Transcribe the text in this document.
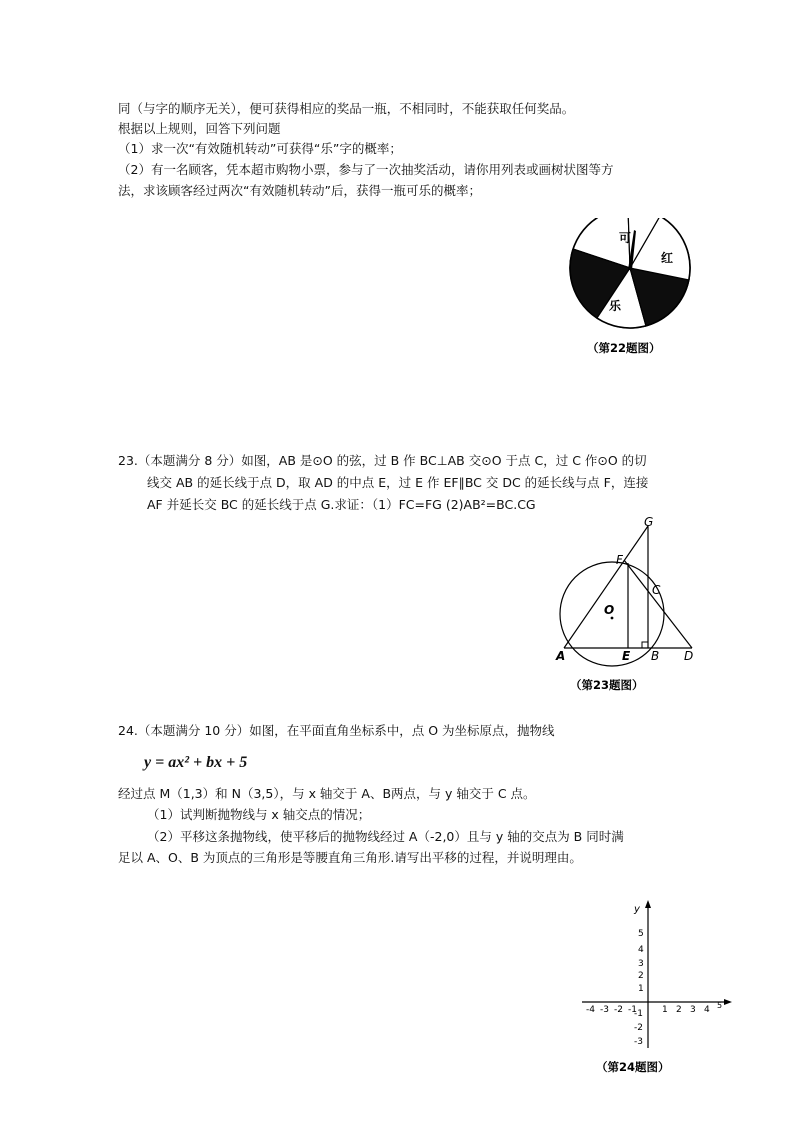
同（与字的顺序无关），便可获得相应的奖品一瓶，不相同时，不能获取任何奖品。
根据以上规则，回答下列问题
（1）求一次“有效随机转动”可获得“乐”字的概率；
（2）有一名顾客，凭本超市购物小票，参与了一次抽奖活动，请你用列表或画树状图等方
法，求该顾客经过两次“有效随机转动”后，获得一瓶可乐的概率；
可
红
乐
（第22题图）
23.（本题满分 8 分）如图，AB 是⊙O 的弦，过 B 作 BC⊥AB 交⊙O 于点 C，过 C 作⊙O 的切
线交 AB 的延长线于点 D，取 AD 的中点 E，过 E 作 EF∥BC 交 DC 的延长线与点 F，连接
AF 并延长交 BC 的延长线于点 G.求证：（1）FC=FG (2)AB²=BC.CG
G
F
C
O
A	E B D
（第23题图）
24.（本题满分 10 分）如图，在平面直角坐标系中，点 O 为坐标原点，抛物线
y = ax² + bx + 5
经过点 M（1,3）和 N（3,5），与 x 轴交于 A、B两点，与 y 轴交于 C 点。
（1）试判断抛物线与 x 轴交点的情况；
（2）平移这条抛物线，使平移后的抛物线经过 A（-2,0）且与 y 轴的交点为 B 同时满
足以 A、O、B 为顶点的三角形是等腰直角三角形.请写出平移的过程，并说明理由。
y
5
4
3
2
1
-1
-2
-3
-4 -3 -2 -1	1 2 3 4 5
（第24题图）
